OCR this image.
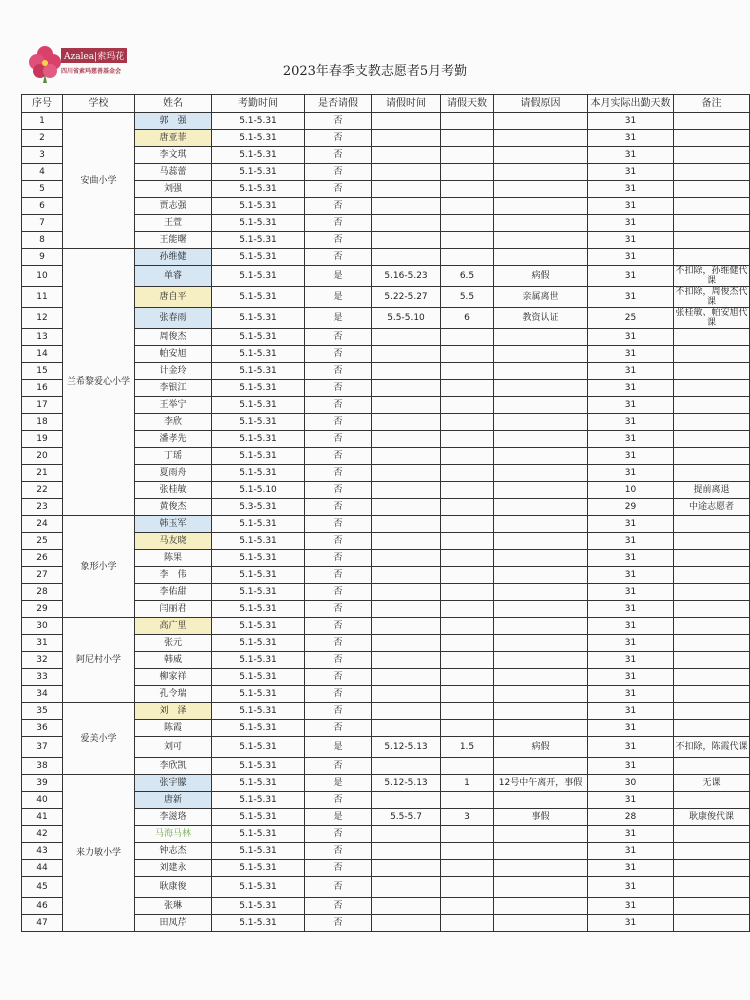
Azalea|索玛花
四川省索玛慈善基金会	2023年春季支教志愿者5月考勤
序号	学校	姓名	考勤时间	是否请假	请假时间	请假天数	请假原因	本月实际出勤天数	备注
1	安曲小学	郭　强	5.1-5.31	否				31	
2		唐亚菲	5.1-5.31	否				31	
3		李文琪	5.1-5.31	否				31	
4		马蕊蕾	5.1-5.31	否				31	
5		刘强	5.1-5.31	否				31	
6		贾志强	5.1-5.31	否				31	
7		王萱	5.1-5.31	否				31	
8		王能曙	5.1-5.31	否				31	
9	兰希黎爱心小学	孙维健	5.1-5.31	否				31	
10		单睿	5.1-5.31	是	5.16-5.23	6.5	病假	31	不扣除，孙维健代课
11		唐自平	5.1-5.31	是	5.22-5.27	5.5	亲属离世	31	不扣除，周俊杰代课
12		张春雨	5.1-5.31	是	5.5-5.10	6	教资认证	25	张桂敏、帕安旭代课
13		周俊杰	5.1-5.31	否				31	
14		帕安旭	5.1-5.31	否				31	
15		计金玲	5.1-5.31	否				31	
16		李银江	5.1-5.31	否				31	
17		王举宁	5.1-5.31	否				31	
18		李欣	5.1-5.31	否				31	
19		潘孝先	5.1-5.31	否				31	
20		丁瑶	5.1-5.31	否				31	
21		夏雨舟	5.1-5.31	否				31	
22		张桂敏	5.1-5.10	否				10	提前离退
23		黄俊杰	5.3-5.31	否				29	中途志愿者
24	象形小学	韩玉军	5.1-5.31	否				31	
25		马友晓	5.1-5.31	否				31	
26		陈果	5.1-5.31	否				31	
27		李　伟	5.1-5.31	否				31	
28		李佑甜	5.1-5.31	否				31	
29		闫丽君	5.1-5.31	否				31	
30	阿尼村小学	高广里	5.1-5.31	否				31	
31		张元	5.1-5.31	否				31	
32		韩威	5.1-5.31	否				31	
33		柳家祥	5.1-5.31	否				31	
34		孔令瑞	5.1-5.31	否				31	
35	爱美小学	刘　泽	5.1-5.31	否				31	
36		陈霞	5.1-5.31	否				31	
37		刘可	5.1-5.31	是	5.12-5.13	1.5	病假	31	不扣除，陈霞代课
38		李欣凯	5.1-5.31	否				31	
39	来力敏小学	张宇朦	5.1-5.31	是	5.12-5.13	1	12号中午离开，事假	30	无课
40		唐新	5.1-5.31	否				31	
41		李滋珞	5.1-5.31	是	5.5-5.7	3	事假	28	耿康俊代课
42		马海马林	5.1-5.31	否				31	
43		钟志杰	5.1-5.31	否				31	
44		刘建永	5.1-5.31	否				31	
45		耿康俊	5.1-5.31	否				31	
46		张琳	5.1-5.31	否				31	
47		田凤芹	5.1-5.31	否				31	
